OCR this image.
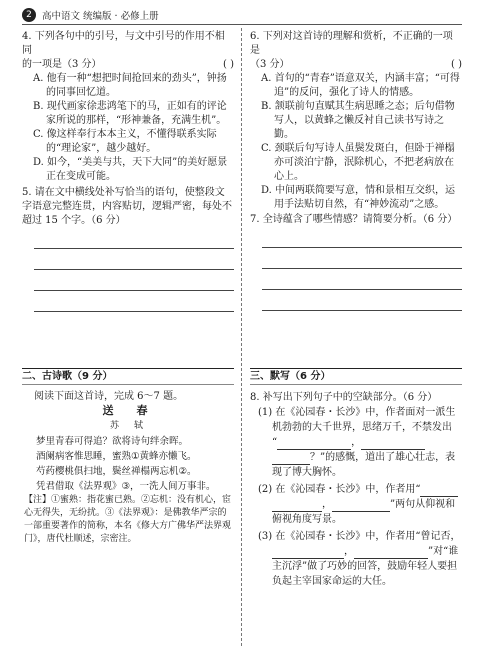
2	高中语文 统编版 · 必修上册

4. 下列各句中的引号，与文中引号的作用不相同

的一项是（3 分）	( )

A. 他有一种“想把时间抢回来的劲头”，钟扬的同事回忆道。

B. 现代画家徐悲鸿笔下的马，正如有的评论家所说的那样，“形神兼备，充满生机”。

C. 像这样奉行本本主义，不懂得联系实际的“理论家”，越少越好。

D. 如今，“美美与共，天下大同”的美好愿景正在变成可能。

5. 请在文中横线处补写恰当的语句，使整段文字语意完整连贯，内容贴切，逻辑严密，每处不超过 15 个字。（6 分）

二、古诗歌（9 分）

阅读下面这首诗，完成 6～7 题。

送　春

苏　轼

梦里青春可得追？欲将诗句绊余晖。

酒阑病客惟思睡，蜜熟①黄蜂亦懒飞。

芍药樱桃俱扫地，鬓丝禅榻两忘机②。

凭君借取《法界观》③，一洗人间万事非。

【注】①蜜熟：指花蜜已熟。②忘机：没有机心，宦心无得失，无纷扰。③《法界观》：是佛教华严宗的一部重要著作的简称，本名《修大方广佛华严法界观门》，唐代杜顺述，宗密注。

6. 下列对这首诗的理解和赏析，不正确的一项是

（3 分）	( )

A. 首句的“青春”语意双关，内涵丰富；“可得追”的反问，强化了诗人的情感。

B. 颔联前句直赋其生病思睡之态；后句借物写人，以黄蜂之懒反衬自己读书写诗之勤。

C. 颈联后句写诗人虽鬓发斑白，但卧于禅榻亦可淡泊宁静，泯除机心，不把老病放在心上。

D. 中间两联简要写意，情和景相互交织，运用手法贴切自然，有“神妙流动”之感。

7. 全诗蕴含了哪些情感？请简要分析。（6 分）

三、默写（6 分）

8. 补写出下列句子中的空缺部分。（6 分）

(1) 在《沁园春・长沙》中，作者面对一派生机勃勃的大千世界，思绪万千，不禁发出
“	，
？”的感慨，道出了雄心壮志，表现了博大胸怀。

(2) 在《沁园春・长沙》中，作者用“
，	”两句从仰视和俯视角度写景。

(3) 在《沁园春・长沙》中，作者用“曾记否，
，	”对“谁主沉浮”做了巧妙的回答，鼓励年轻人要担负起主宰国家命运的大任。
